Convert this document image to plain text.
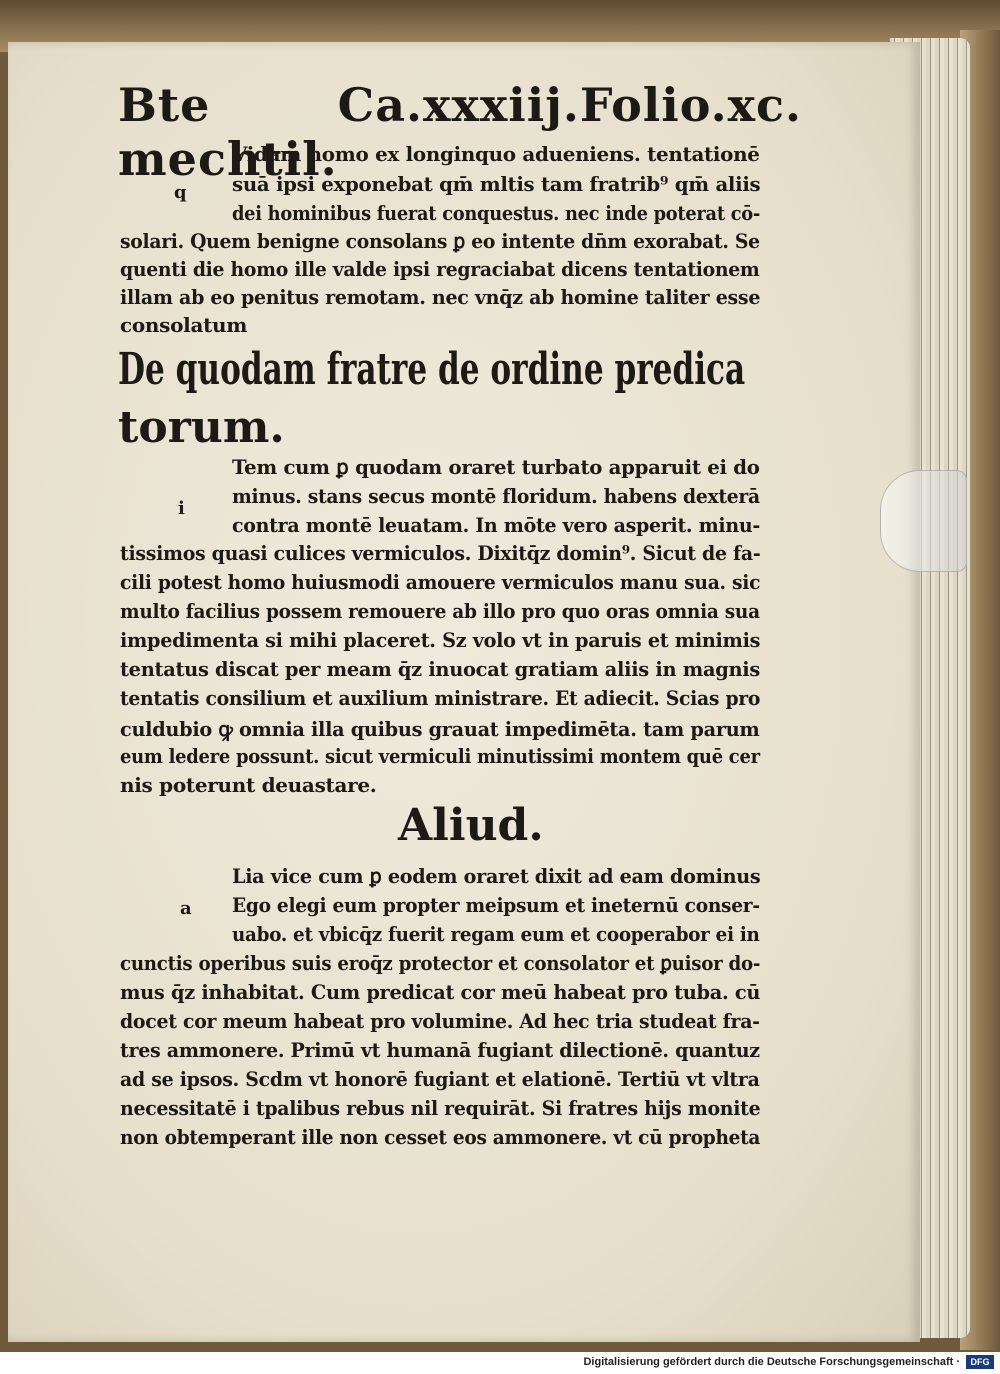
Bte mechtil.
Ca.xxxiij. Folio.xc.
q
Vidam homo ex longinquo adueniens. tentationē
suā ipsi exponebat qm̄ mltis tam fratrib⁹ qm̄ aliis
dei hominibus fuerat conquestus. nec inde poterat cō-
solari. Quem benigne consolans ꝑ eo intente dn̄m exorabat. Se
quenti die homo ille valde ipsi regraciabat dicens tentationem
illam ab eo penitus remotam. nec vnq̄z ab homine taliter esse
consolatum
De quodam fratre de ordine predica
torum.
i
Tem cum ꝑ quodam oraret turbato apparuit ei do
minus. stans secus montē floridum. habens dexterā
contra montē leuatam. In mōte vero asperit. minu-
tissimos quasi culices vermiculos. Dixitq̄z domin⁹. Sicut de fa-
cili potest homo huiusmodi amouere vermiculos manu sua. sic
multo facilius possem remouere ab illo pro quo oras omnia sua
impedimenta si mihi placeret. Sz volo vt in paruis et minimis
tentatus discat per meam q̄z inuocat gratiam aliis in magnis
tentatis consilium et auxilium ministrare. Et adiecit. Scias pro
culdubio ꝙ omnia illa quibus grauat impedimēta. tam parum
eum ledere possunt. sicut vermiculi minutissimi montem quē cer
nis poterunt deuastare.
Aliud.
a
Lia vice cum ꝑ eodem oraret dixit ad eam dominus
Ego elegi eum propter meipsum et ineternū conser-
uabo. et vbicq̄z fuerit regam eum et cooperabor ei in
cunctis operibus suis eroq̄z protector et consolator et ꝑuisor do-
mus q̄z inhabitat. Cum predicat cor meū habeat pro tuba. cū
docet cor meum habeat pro volumine. Ad hec tria studeat fra-
tres ammonere. Primū vt humanā fugiant dilectionē. quantuz
ad se ipsos. Scdm vt honorē fugiant et elationē. Tertiū vt vltra
necessitatē i tpalibus rebus nil requirāt. Si fratres hijs monite
non obtemperant ille non cesset eos ammonere. vt cū propheta
Digitalisierung gefördert durch die Deutsche Forschungsgemeinschaft ·	DFG
